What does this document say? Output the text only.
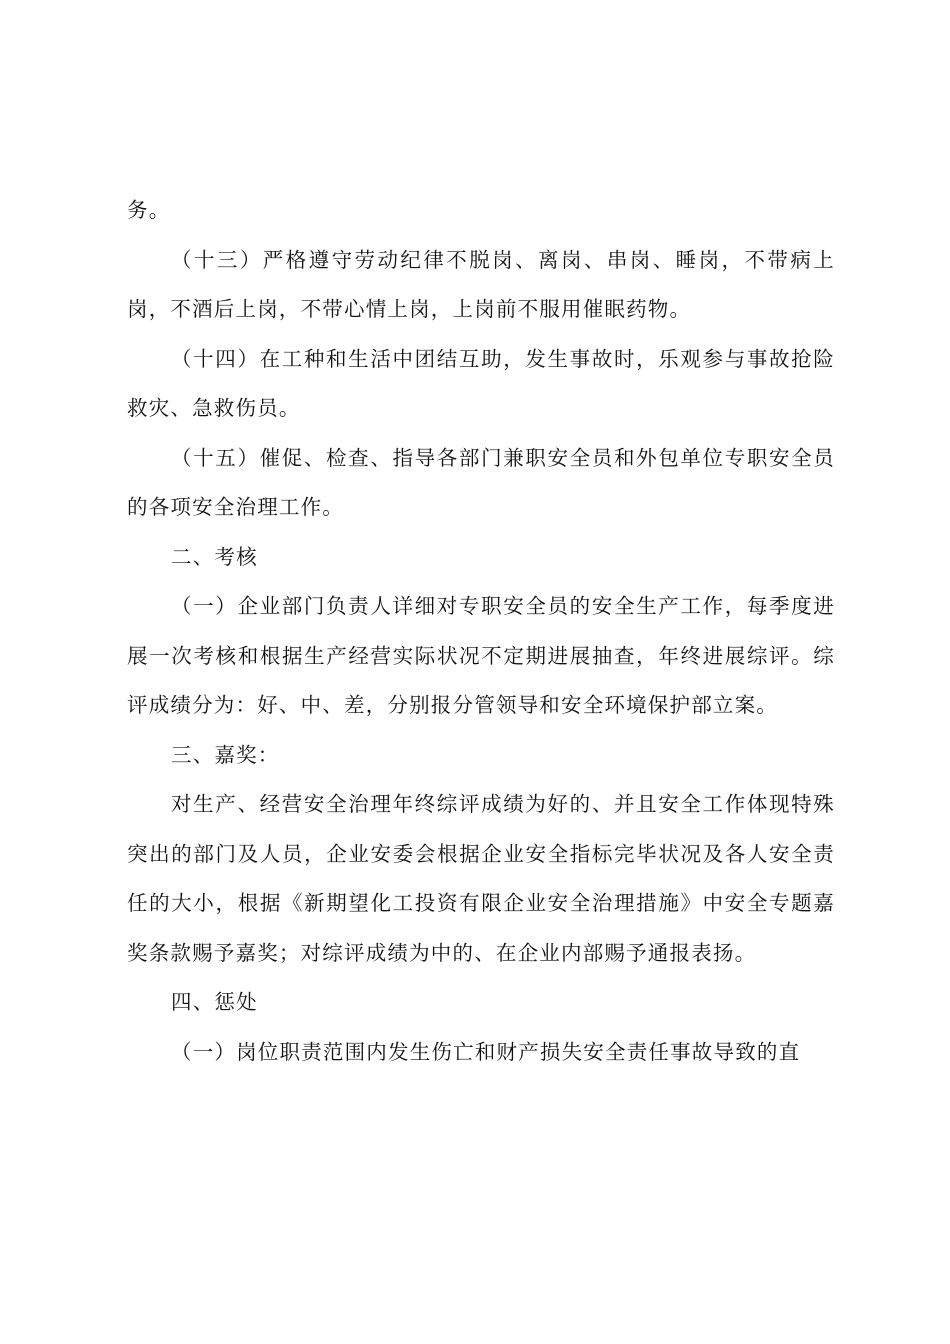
务。

（十三）严格遵守劳动纪律不脱岗、离岗、串岗、睡岗，不带病上岗，不酒后上岗，不带心情上岗，上岗前不服用催眠药物。

（十四）在工种和生活中团结互助，发生事故时，乐观参与事故抢险救灾、急救伤员。

（十五）催促、检查、指导各部门兼职安全员和外包单位专职安全员的各项安全治理工作。

二、考核

（一）企业部门负责人详细对专职安全员的安全生产工作，每季度进展一次考核和根据生产经营实际状况不定期进展抽查，年终进展综评。综评成绩分为：好、中、差，分别报分管领导和安全环境保护部立案。

三、嘉奖：

对生产、经营安全治理年终综评成绩为好的、并且安全工作体现特殊突出的部门及人员，企业安委会根据企业安全指标完毕状况及各人安全责任的大小，根据《新期望化工投资有限企业安全治理措施》中安全专题嘉奖条款赐予嘉奖；对综评成绩为中的、在企业内部赐予通报表扬。

四、惩处

（一）岗位职责范围内发生伤亡和财产损失安全责任事故导致的直
